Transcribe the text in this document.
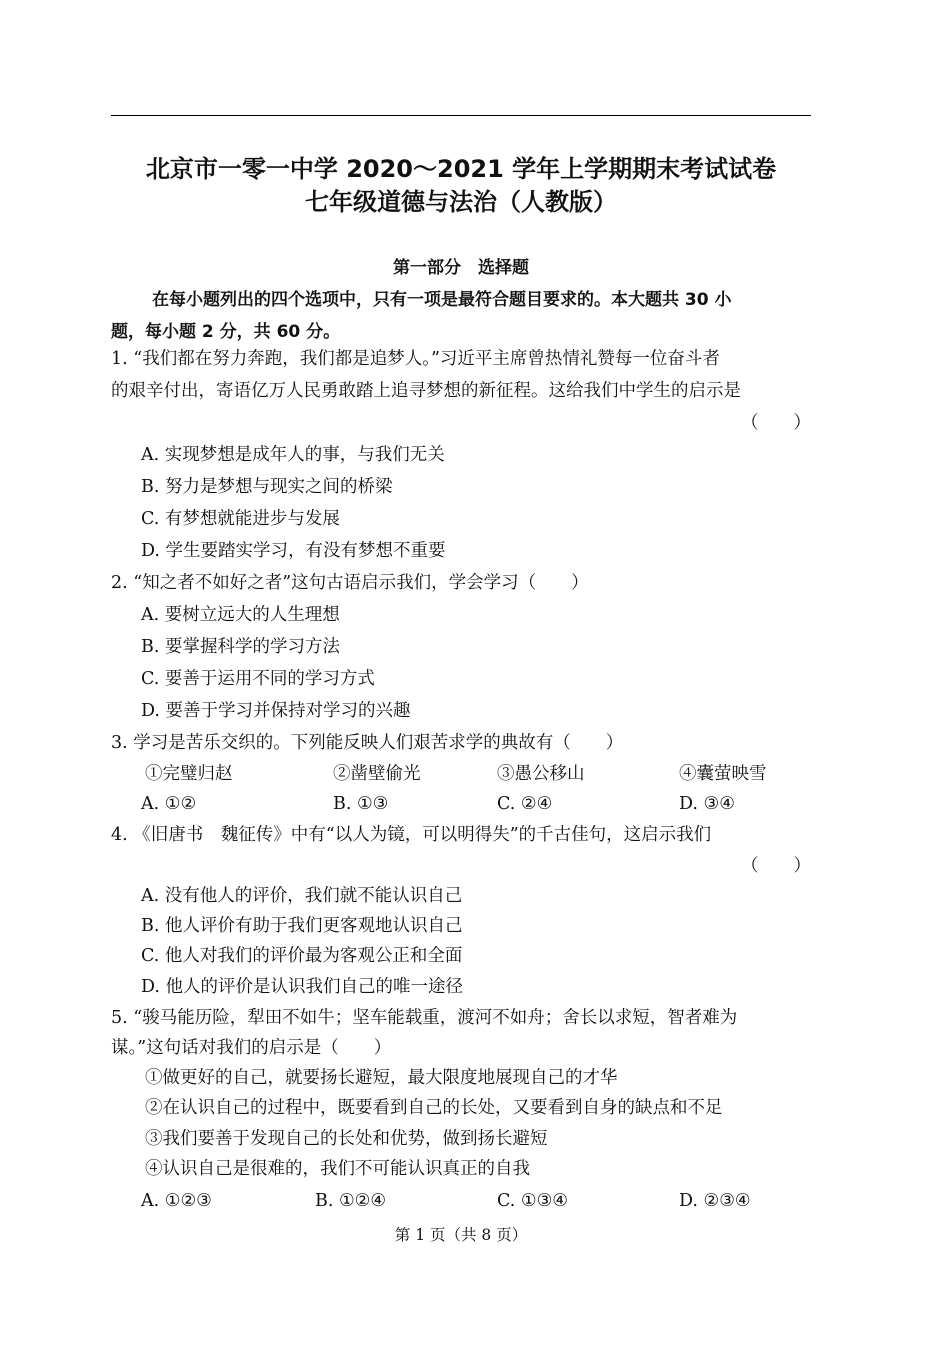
北京市一零一中学 2020～2021 学年上学期期末考试试卷
七年级道德与法治（人教版）
第一部分　选择题
在每小题列出的四个选项中，只有一项是最符合题目要求的。本大题共 30 小
题，每小题 2 分，共 60 分。
1. “我们都在努力奔跑，我们都是追梦人。”习近平主席曾热情礼赞每一位奋斗者
的艰辛付出，寄语亿万人民勇敢踏上追寻梦想的新征程。这给我们中学生的启示是
（　　）
A. 实现梦想是成年人的事，与我们无关
B. 努力是梦想与现实之间的桥梁
C. 有梦想就能进步与发展
D. 学生要踏实学习，有没有梦想不重要
2. “知之者不如好之者”这句古语启示我们，学会学习（　　）
A. 要树立远大的人生理想
B. 要掌握科学的学习方法
C. 要善于运用不同的学习方式
D. 要善于学习并保持对学习的兴趣
3. 学习是苦乐交织的。下列能反映人们艰苦求学的典故有（　　）
①完璧归赵	②凿壁偷光	③愚公移山	④囊萤映雪
A. ①②	B. ①③	C. ②④	D. ③④
4. 《旧唐书　魏征传》中有“以人为镜，可以明得失”的千古佳句，这启示我们
（　　）
A. 没有他人的评价，我们就不能认识自己
B. 他人评价有助于我们更客观地认识自己
C. 他人对我们的评价最为客观公正和全面
D. 他人的评价是认识我们自己的唯一途径
5. “骏马能历险，犁田不如牛；坚车能载重，渡河不如舟；舍长以求短，智者难为
谋。”这句话对我们的启示是（　　）
①做更好的自己，就要扬长避短，最大限度地展现自己的才华
②在认识自己的过程中，既要看到自己的长处，又要看到自身的缺点和不足
③我们要善于发现自己的长处和优势，做到扬长避短
④认识自己是很难的，我们不可能认识真正的自我
A. ①②③	B. ①②④	C. ①③④	D. ②③④
第 1 页（共 8 页）
